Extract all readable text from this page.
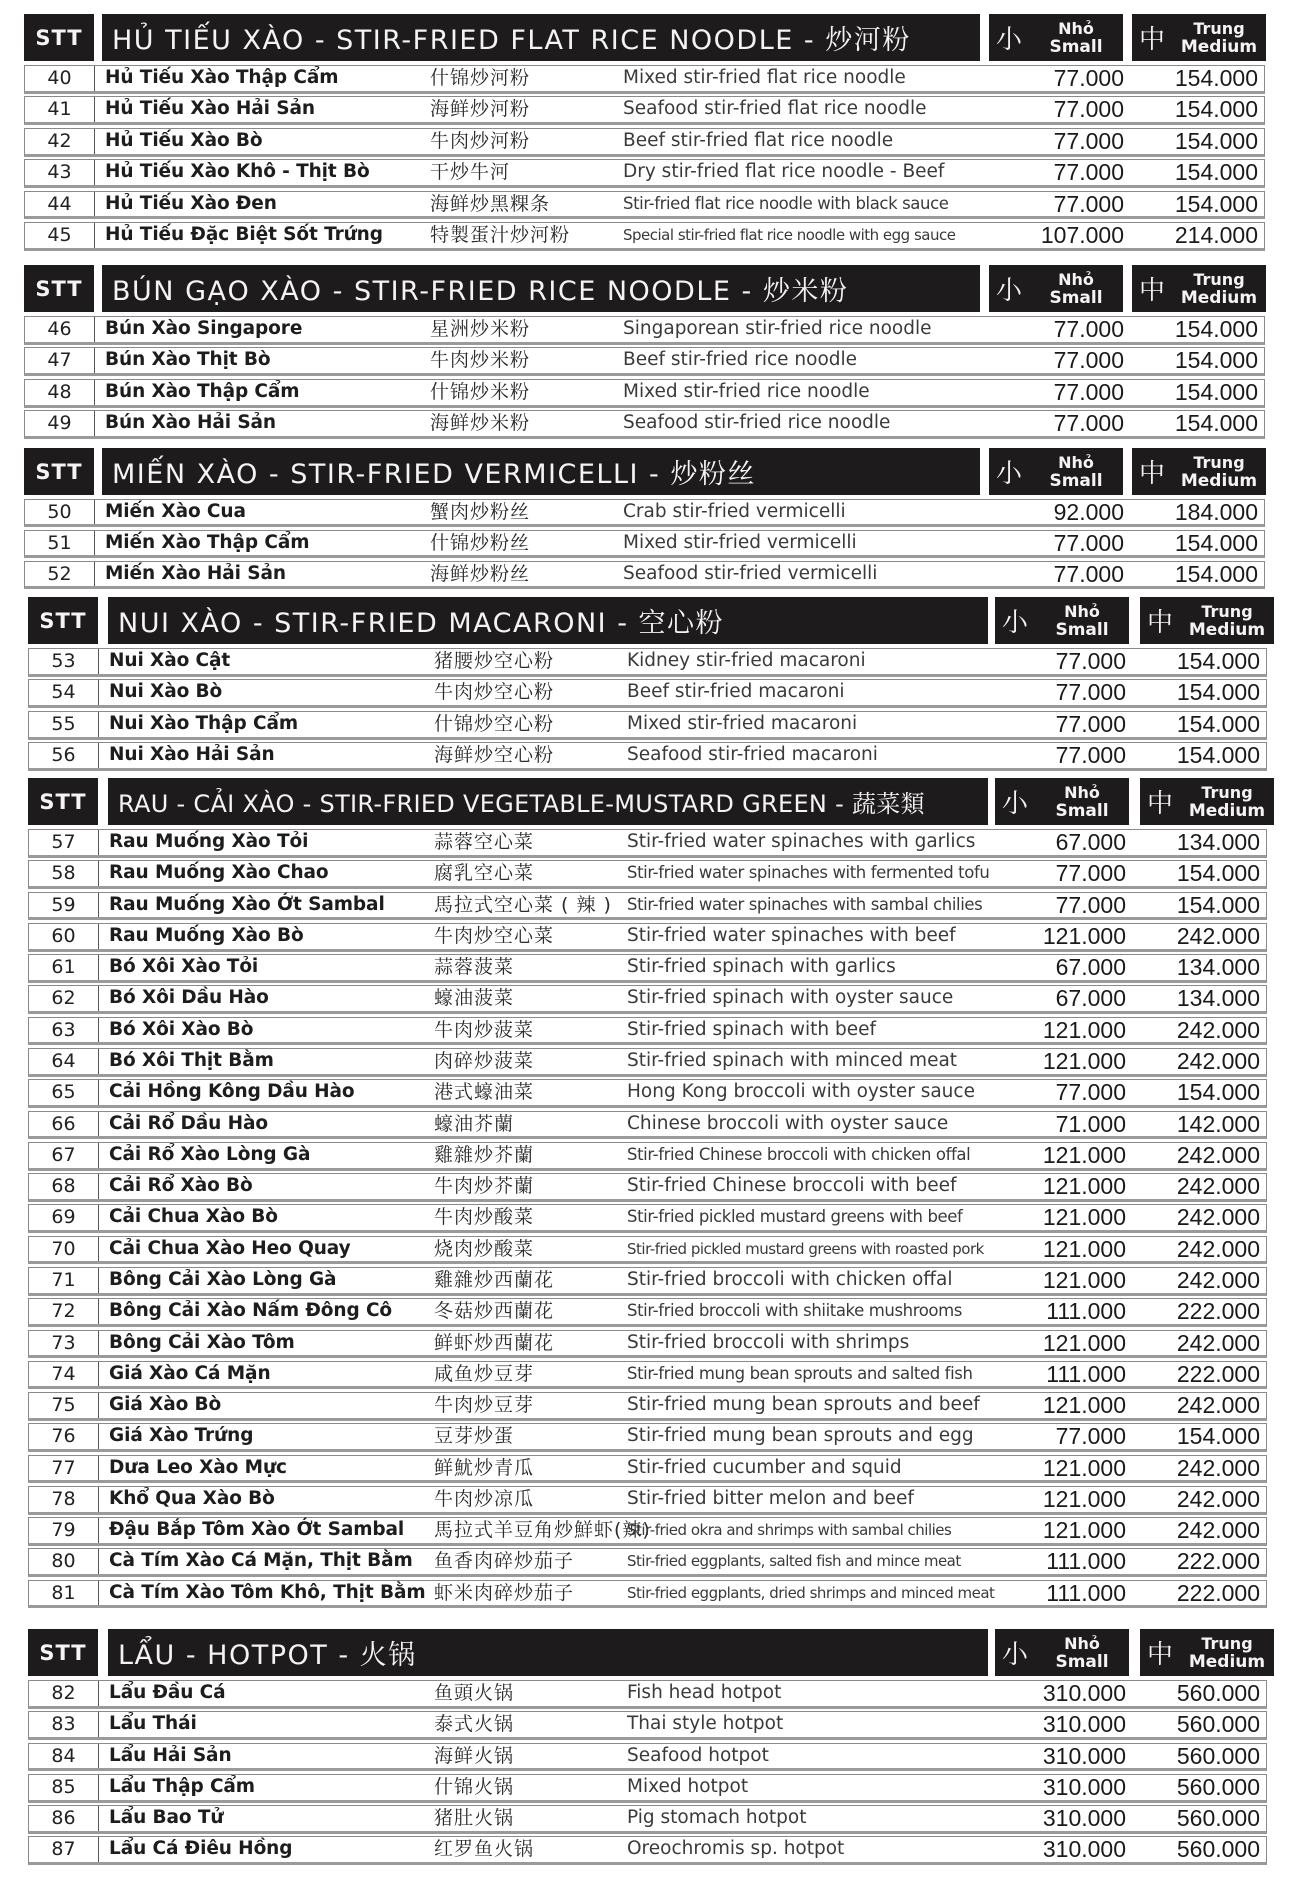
STT	HỦ TIẾU XÀO - STIR-FRIED FLAT RICE NOODLE - 炒河粉	小	Nhỏ
Small	中	Trung
Medium
40	Hủ Tiếu Xào Thập Cẩm	什锦炒河粉	Mixed stir-fried flat rice noodle	77.000 154.000
41	Hủ Tiếu Xào Hải Sản	海鲜炒河粉	Seafood stir-fried flat rice noodle	77.000 154.000
42	Hủ Tiếu Xào Bò	牛肉炒河粉	Beef stir-fried flat rice noodle	77.000 154.000
43	Hủ Tiếu Xào Khô - Thịt Bò	干炒牛河	Dry stir-fried flat rice noodle - Beef	77.000 154.000
44	Hủ Tiếu Xào Đen	海鲜炒黑粿条	Stir-fried flat rice noodle with black sauce	77.000 154.000
45	Hủ Tiếu Đặc Biệt Sốt Trứng 特製蛋汁炒河粉	Special stir-fried flat rice noodle with egg sauce	107.000 214.000
STT	BÚN GẠO XÀO - STIR-FRIED RICE NOODLE - 炒米粉	小	Nhỏ
Small	中	Trung
Medium
46	Bún Xào Singapore	星洲炒米粉	Singaporean stir-fried rice noodle	77.000 154.000
47	Bún Xào Thịt Bò	牛肉炒米粉	Beef stir-fried rice noodle	77.000 154.000
48	Bún Xào Thập Cẩm	什锦炒米粉	Mixed stir-fried rice noodle	77.000 154.000
49	Bún Xào Hải Sản	海鲜炒米粉	Seafood stir-fried rice noodle	77.000 154.000
STT	MIẾN XÀO - STIR-FRIED VERMICELLI - 炒粉丝	小	Nhỏ
Small	中	Trung
Medium
50	Miến Xào Cua	蟹肉炒粉丝	Crab stir-fried vermicelli	92.000 184.000
51	Miến Xào Thập Cẩm	什锦炒粉丝	Mixed stir-fried vermicelli	77.000 154.000
52	Miến Xào Hải Sản	海鲜炒粉丝	Seafood stir-fried vermicelli	77.000 154.000
STT	NUI XÀO - STIR-FRIED MACARONI - 空心粉	小	Nhỏ
Small	中	Trung
Medium
53	Nui Xào Cật	猪腰炒空心粉	Kidney stir-fried macaroni	77.000 154.000
54	Nui Xào Bò	牛肉炒空心粉	Beef stir-fried macaroni	77.000 154.000
55	Nui Xào Thập Cẩm	什锦炒空心粉	Mixed stir-fried macaroni	77.000 154.000
56	Nui Xào Hải Sản	海鲜炒空心粉	Seafood stir-fried macaroni	77.000 154.000
STT	RAU - CẢI XÀO - STIR-FRIED VEGETABLE-MUSTARD GREEN - 蔬菜類	小	Nhỏ
Small	中	Trung
Medium
57	Rau Muống Xào Tỏi	蒜蓉空心菜	Stir-fried water spinaches with garlics	67.000 134.000
58	Rau Muống Xào Chao	腐乳空心菜	Stir-fried water spinaches with fermented tofu	77.000 154.000
59	Rau Muống Xào Ớt Sambal	馬拉式空心菜 ( 辣 ) Stir-fried water spinaches with sambal chilies	77.000 154.000
60	Rau Muống Xào Bò	牛肉炒空心菜	Stir-fried water spinaches with beef	121.000 242.000
61	Bó Xôi Xào Tỏi	蒜蓉菠菜	Stir-fried spinach with garlics	67.000 134.000
62	Bó Xôi Dầu Hào	蠔油菠菜	Stir-fried spinach with oyster sauce	67.000 134.000
63	Bó Xôi Xào Bò	牛肉炒菠菜	Stir-fried spinach with beef	121.000 242.000
64	Bó Xôi Thịt Bằm	肉碎炒菠菜	Stir-fried spinach with minced meat	121.000 242.000
65	Cải Hồng Kông Dầu Hào	港式蠔油菜	Hong Kong broccoli with oyster sauce	77.000 154.000
66	Cải Rổ Dầu Hào	蠔油芥蘭	Chinese broccoli with oyster sauce	71.000 142.000
67	Cải Rổ Xào Lòng Gà	雞雜炒芥蘭	Stir-fried Chinese broccoli with chicken offal	121.000 242.000
68	Cải Rổ Xào Bò	牛肉炒芥蘭	Stir-fried Chinese broccoli with beef	121.000 242.000
69	Cải Chua Xào Bò	牛肉炒酸菜	Stir-fried pickled mustard greens with beef	121.000 242.000
70	Cải Chua Xào Heo Quay	烧肉炒酸菜	Stir-fried pickled mustard greens with roasted pork	121.000 242.000
71	Bông Cải Xào Lòng Gà	雞雜炒西蘭花	Stir-fried broccoli with chicken offal	121.000 242.000
72	Bông Cải Xào Nấm Đông Cô 冬菇炒西蘭花	Stir-fried broccoli with shiitake mushrooms	111.000 222.000
73	Bông Cải Xào Tôm	鲜虾炒西蘭花	Stir-fried broccoli with shrimps	121.000 242.000
74	Giá Xào Cá Mặn	咸鱼炒豆芽	Stir-fried mung bean sprouts and salted fish	111.000 222.000
75	Giá Xào Bò	牛肉炒豆芽	Stir-fried mung bean sprouts and beef	121.000 242.000
76	Giá Xào Trứng	豆芽炒蛋	Stir-fried mung bean sprouts and egg	77.000 154.000
77	Dưa Leo Xào Mực	鲜魷炒青瓜	Stir-fried cucumber and squid	121.000 242.000
78	Khổ Qua Xào Bò	牛肉炒凉瓜	Stir-fried bitter melon and beef	121.000 242.000
79	Đậu Bắp Tôm Xào Ớt Sambal 馬拉式羊豆角炒鮮虾(辣)
Stir-fried okra and shrimps with sambal chilies	121.000 242.000
80	Cà Tím Xào Cá Mặn, Thịt Bằm 鱼香肉碎炒茄子	Stir-fried eggplants, salted fish and mince meat	111.000 222.000
81	Cà Tím Xào Tôm Khô, Thịt Bằm 虾米肉碎炒茄子	Stir-fried eggplants, dried shrimps and minced meat 111.000 222.000
STT	LẨU - HOTPOT - 火锅	小	Nhỏ
Small	中	Trung
Medium
82	Lẩu Đầu Cá	鱼頭火锅	Fish head hotpot	310.000 560.000
83	Lẩu Thái	泰式火锅	Thai style hotpot	310.000 560.000
84	Lẩu Hải Sản	海鲜火锅	Seafood hotpot	310.000 560.000
85	Lẩu Thập Cẩm	什锦火锅	Mixed hotpot	310.000 560.000
86	Lẩu Bao Tử	猪肚火锅	Pig stomach hotpot	310.000 560.000
87	Lẩu Cá Điêu Hồng	红罗鱼火锅	Oreochromis sp. hotpot	310.000 560.000
